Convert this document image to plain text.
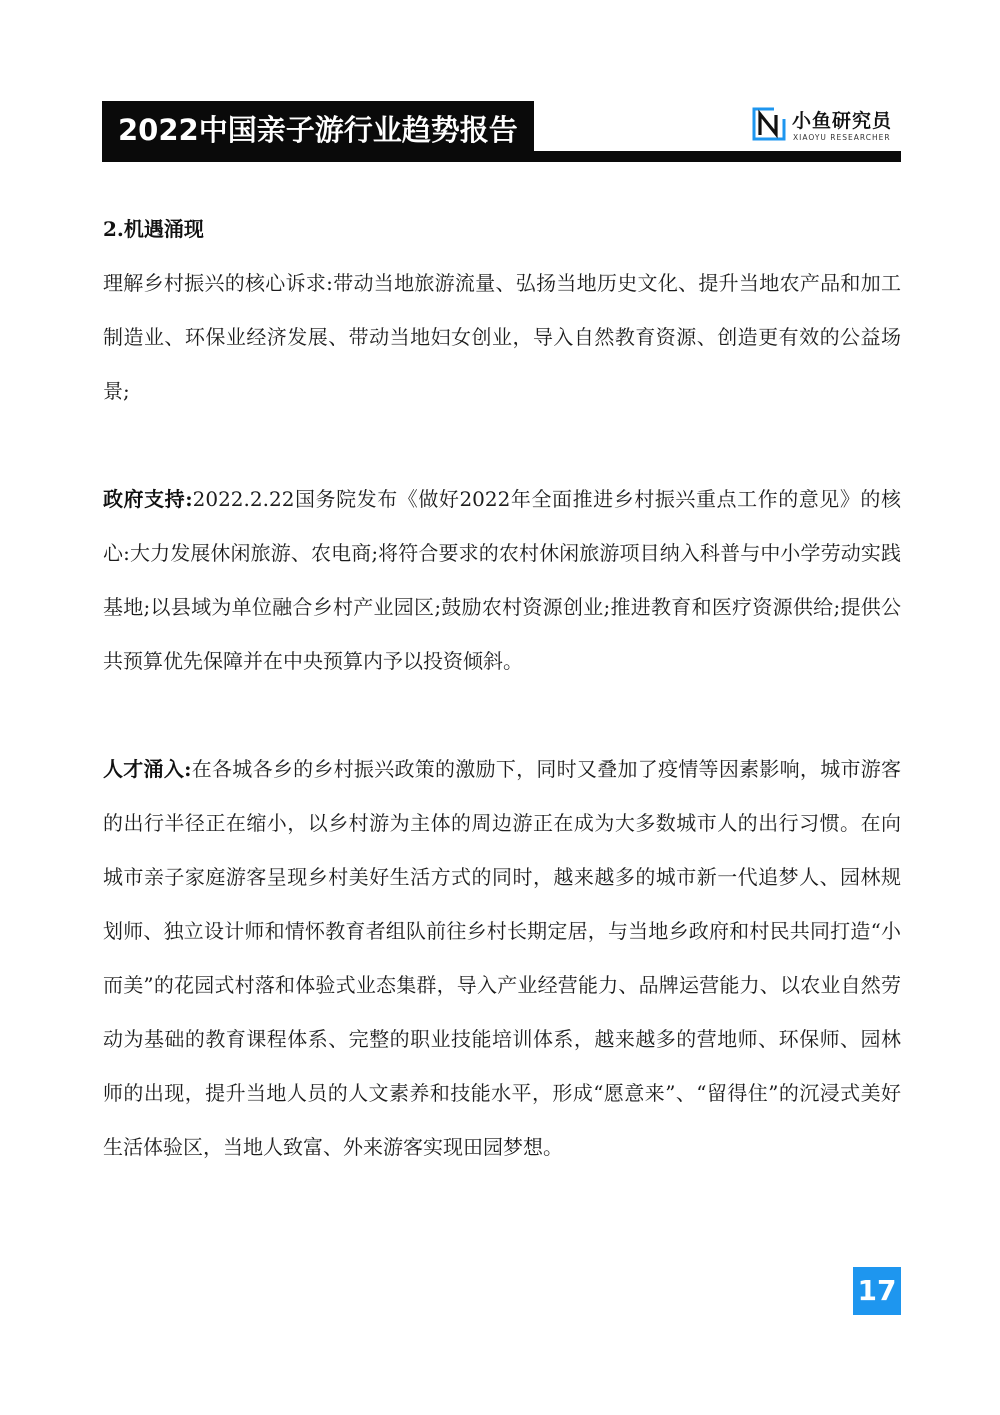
2022中国亲子游行业趋势报告	小鱼研究员
XIAOYU RESEARCHER
2.机遇涌现

理解乡村振兴的核心诉求:带动当地旅游流量、弘扬当地历史文化、提升当地农产品和加工制造业、环保业经济发展、带动当地妇女创业，导入自然教育资源、创造更有效的公益场景;

政府支持:2022.2.22国务院发布《做好2022年全面推进乡村振兴重点工作的意见》的核心:大力发展休闲旅游、农电商;将符合要求的农村休闲旅游项目纳入科普与中小学劳动实践基地;以县域为单位融合乡村产业园区;鼓励农村资源创业;推进教育和医疗资源供给;提供公共预算优先保障并在中央预算内予以投资倾斜。

人才涌入:在各城各乡的乡村振兴政策的激励下，同时又叠加了疫情等因素影响，城市游客的出行半径正在缩小，以乡村游为主体的周边游正在成为大多数城市人的出行习惯。在向城市亲子家庭游客呈现乡村美好生活方式的同时，越来越多的城市新一代追梦人、园林规划师、独立设计师和情怀教育者组队前往乡村长期定居，与当地乡政府和村民共同打造“小而美”的花园式村落和体验式业态集群，导入产业经营能力、品牌运营能力、以农业自然劳动为基础的教育课程体系、完整的职业技能培训体系，越来越多的营地师、环保师、园林师的出现，提升当地人员的人文素养和技能水平，形成“愿意来”、“留得住”的沉浸式美好生活体验区，当地人致富、外来游客实现田园梦想。

17
